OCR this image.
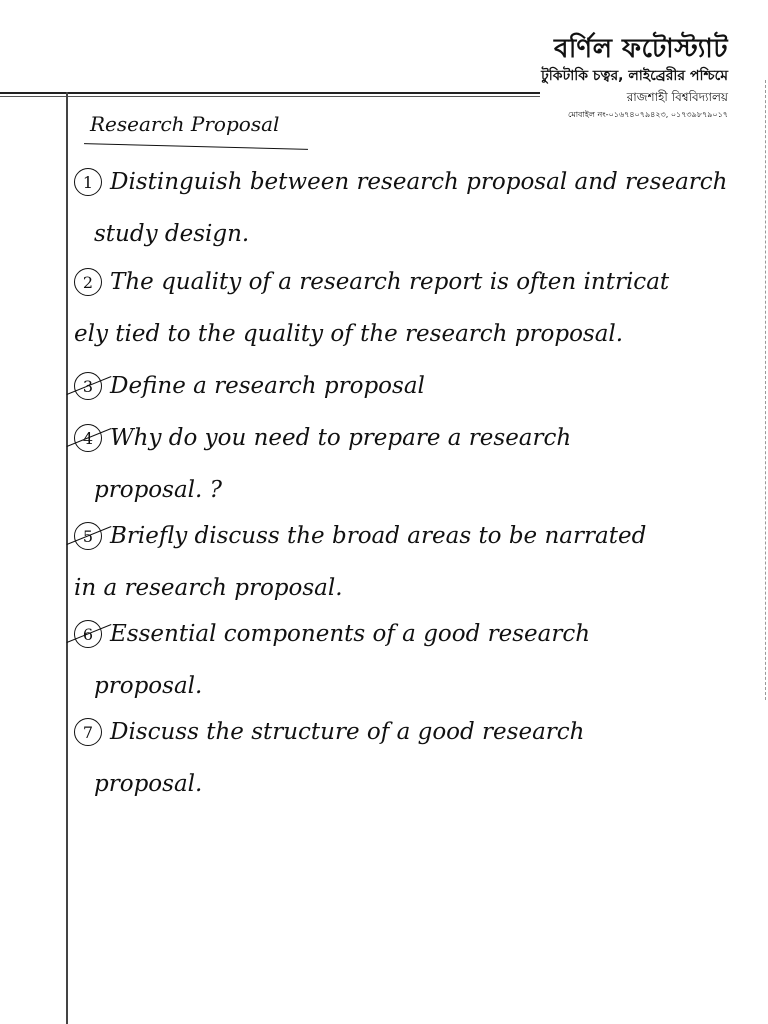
বর্ণিল ফটোস্ট্যাট
টুকিটাকি চত্বর, লাইব্রেরীর পশ্চিমে
রাজশাহী বিশ্ববিদ্যালয়
মোবাইল নং-০১৬৭৪০৭৯৪২৩, ০১৭৩৯৮৭৯০১৭
Research Proposal
1 Distinguish between research proposal and research
study design.
2 The quality of a research report is often intricat
ely tied to the quality of the research proposal.
3 Define a research proposal
4 Why do you need to prepare a research
proposal. ?
5 Briefly discuss the broad areas to be narrated
in a research proposal.
6 Essential components of a good research
proposal.
7 Discuss the structure of a good research
proposal.
